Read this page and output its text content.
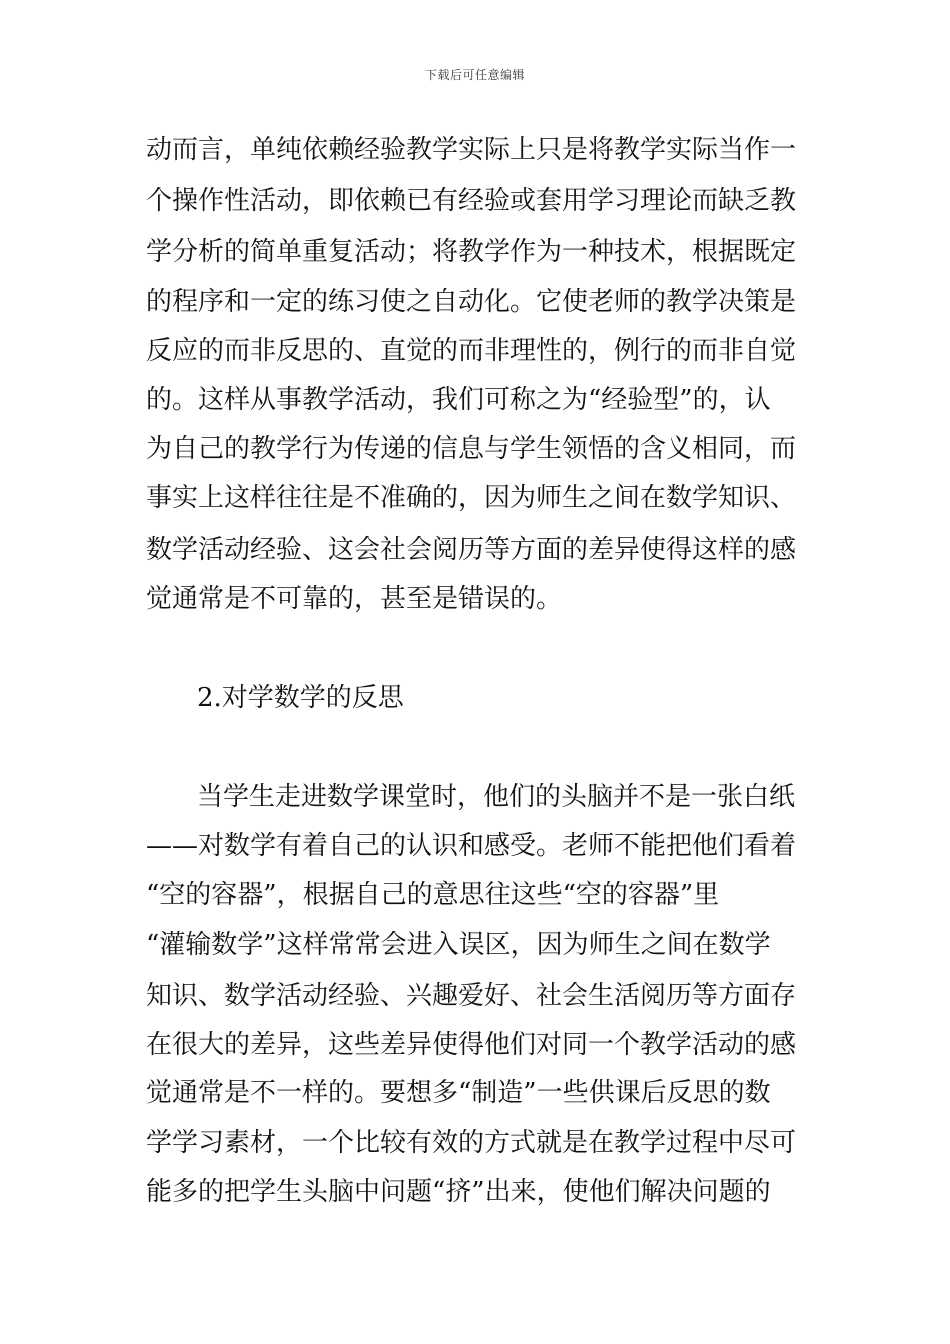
下载后可任意编辑
动而言，单纯依赖经验教学实际上只是将教学实际当作一
个操作性活动，即依赖已有经验或套用学习理论而缺乏教
学分析的简单重复活动；将教学作为一种技术，根据既定
的程序和一定的练习使之自动化。它使老师的教学决策是
反应的而非反思的、直觉的而非理性的，例行的而非自觉
的。这样从事教学活动，我们可称之为“经验型”的，认
为自己的教学行为传递的信息与学生领悟的含义相同，而
事实上这样往往是不准确的，因为师生之间在数学知识、
数学活动经验、这会社会阅历等方面的差异使得这样的感
觉通常是不可靠的，甚至是错误的。
2.对学数学的反思
当学生走进数学课堂时，他们的头脑并不是一张白纸
——对数学有着自己的认识和感受。老师不能把他们看着
“空的容器”，根据自己的意思往这些“空的容器”里
“灌输数学”这样常常会进入误区，因为师生之间在数学
知识、数学活动经验、兴趣爱好、社会生活阅历等方面存
在很大的差异，这些差异使得他们对同一个教学活动的感
觉通常是不一样的。要想多“制造”一些供课后反思的数
学学习素材，一个比较有效的方式就是在教学过程中尽可
能多的把学生头脑中问题“挤”出来，使他们解决问题的
